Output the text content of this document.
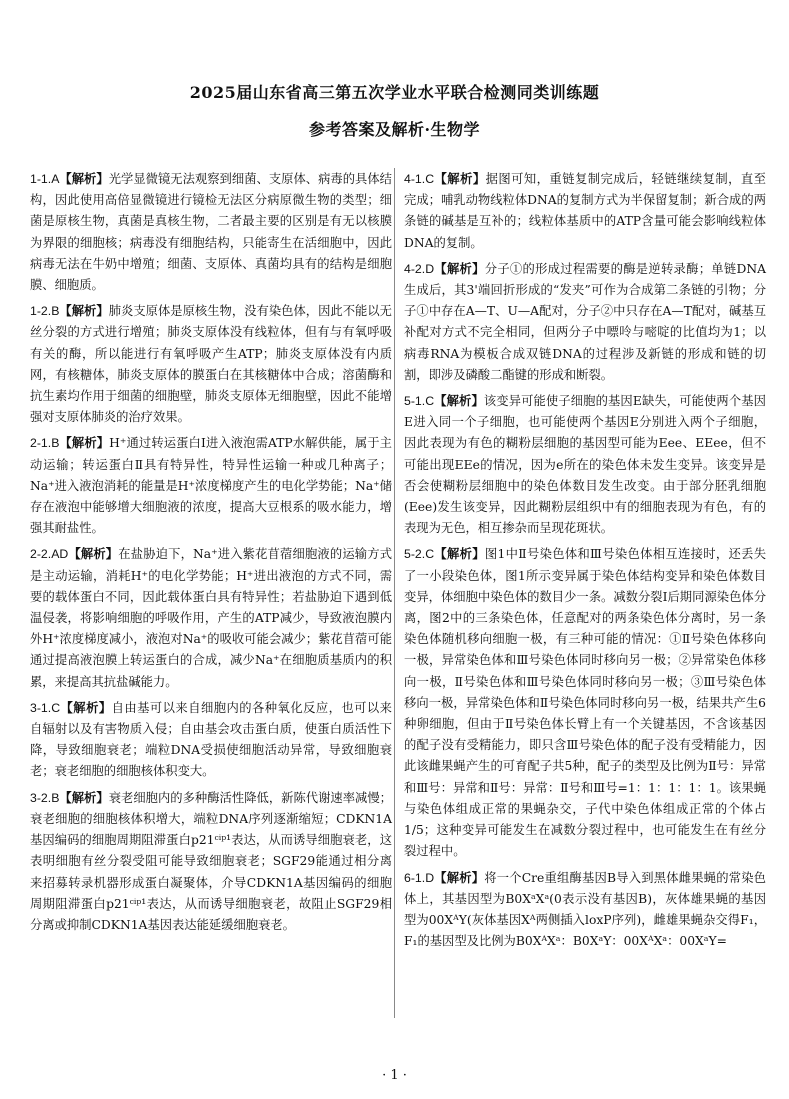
2025届山东省高三第五次学业水平联合检测同类训练题
参考答案及解析·生物学

1-1.A【解析】光学显微镜无法观察到细菌、支原体、病毒的具体结构，因此使用高倍显微镜进行镜检无法区分病原微生物的类型；细菌是原核生物，真菌是真核生物，二者最主要的区别是有无以核膜为界限的细胞核；病毒没有细胞结构，只能寄生在活细胞中，因此病毒无法在牛奶中增殖；细菌、支原体、真菌均具有的结构是细胞膜、细胞质。

1-2.B【解析】肺炎支原体是原核生物，没有染色体，因此不能以无丝分裂的方式进行增殖；肺炎支原体没有线粒体，但有与有氧呼吸有关的酶，所以能进行有氧呼吸产生ATP；肺炎支原体没有内质网，有核糖体，肺炎支原体的膜蛋白在其核糖体中合成；溶菌酶和抗生素均作用于细菌的细胞壁，肺炎支原体无细胞壁，因此不能增强对支原体肺炎的治疗效果。

2-1.B【解析】H⁺通过转运蛋白Ⅰ进入液泡需ATP水解供能，属于主动运输；转运蛋白Ⅱ具有特异性，特异性运输一种或几种离子；Na⁺进入液泡消耗的能量是H⁺浓度梯度产生的电化学势能；Na⁺储存在液泡中能够增大细胞液的浓度，提高大豆根系的吸水能力，增强其耐盐性。

2-2.AD【解析】在盐胁迫下，Na⁺进入紫花苜蓿细胞液的运输方式是主动运输，消耗H⁺的电化学势能；H⁺进出液泡的方式不同，需要的载体蛋白不同，因此载体蛋白具有特异性；若盐胁迫下遇到低温侵袭，将影响细胞的呼吸作用，产生的ATP减少，导致液泡膜内外H⁺浓度梯度减小，液泡对Na⁺的吸收可能会减少；紫花苜蓿可能通过提高液泡膜上转运蛋白的合成，减少Na⁺在细胞质基质内的积累，来提高其抗盐碱能力。

3-1.C【解析】自由基可以来自细胞内的各种氧化反应，也可以来自辐射以及有害物质入侵；自由基会攻击蛋白质，使蛋白质活性下降，导致细胞衰老；端粒DNA受损使细胞活动异常，导致细胞衰老；衰老细胞的细胞核体积变大。

3-2.B【解析】衰老细胞内的多种酶活性降低，新陈代谢速率减慢；衰老细胞的细胞核体积增大，端粒DNA序列逐渐缩短；CDKN1A基因编码的细胞周期阻滞蛋白p21ᶜⁱᵖ¹表达，从而诱导细胞衰老，这表明细胞有丝分裂受阻可能导致细胞衰老；SGF29能通过相分离来招募转录机器形成蛋白凝聚体，介导CDKN1A基因编码的细胞周期阻滞蛋白p21ᶜⁱᵖ¹表达，从而诱导细胞衰老，故阻止SGF29相分离或抑制CDKN1A基因表达能延缓细胞衰老。

4-1.C【解析】据图可知，重链复制完成后，轻链继续复制，直至完成；哺乳动物线粒体DNA的复制方式为半保留复制；新合成的两条链的碱基是互补的；线粒体基质中的ATP含量可能会影响线粒体DNA的复制。

4-2.D【解析】分子①的形成过程需要的酶是逆转录酶；单链DNA生成后，其3'端回折形成的“发夹”可作为合成第二条链的引物；分子①中存在A—T、U—A配对，分子②中只存在A—T配对，碱基互补配对方式不完全相同，但两分子中嘌呤与嘧啶的比值均为1；以病毒RNA为模板合成双链DNA的过程涉及新链的形成和链的切割，即涉及磷酸二酯键的形成和断裂。

5-1.C【解析】该变异可能使子细胞的基因E缺失，可能使两个基因E进入同一个子细胞，也可能使两个基因E分别进入两个子细胞，因此表现为有色的糊粉层细胞的基因型可能为Eee、EEee，但不可能出现EEe的情况，因为e所在的染色体未发生变异。该变异是否会使糊粉层细胞中的染色体数目发生改变。由于部分胚乳细胞(Eee)发生该变异，因此糊粉层组织中有的细胞表现为有色，有的表现为无色，相互掺杂而呈现花斑状。

5-2.C【解析】图1中Ⅱ号染色体和Ⅲ号染色体相互连接时，还丢失了一小段染色体，图1所示变异属于染色体结构变异和染色体数目变异，体细胞中染色体的数目少一条。减数分裂Ⅰ后期同源染色体分离，图2中的三条染色体，任意配对的两条染色体分离时，另一条染色体随机移向细胞一极，有三种可能的情况：①Ⅱ号染色体移向一极，异常染色体和Ⅲ号染色体同时移向另一极；②异常染色体移向一极，Ⅱ号染色体和Ⅲ号染色体同时移向另一极；③Ⅲ号染色体移向一极，异常染色体和Ⅱ号染色体同时移向另一极，结果共产生6种卵细胞，但由于Ⅱ号染色体长臂上有一个关键基因，不含该基因的配子没有受精能力，即只含Ⅲ号染色体的配子没有受精能力，因此该雌果蝇产生的可育配子共5种，配子的类型及比例为Ⅱ号：异常和Ⅲ号：异常和Ⅱ号：异常：Ⅱ号和Ⅲ号=1：1：1：1：1。该果蝇与染色体组成正常的果蝇杂交，子代中染色体组成正常的个体占1/5；这种变异可能发生在减数分裂过程中，也可能发生在有丝分裂过程中。

6-1.D【解析】将一个Cre重组酶基因B导入到黑体雌果蝇的常染色体上，其基因型为B0XᵃXᵃ(0表示没有基因B)，灰体雄果蝇的基因型为00XᴬY(灰体基因Xᴬ两侧插入loxP序列)，雌雄果蝇杂交得F₁，F₁的基因型及比例为B0XᴬXᵃ：B0XᵃY：00XᴬXᵃ：00XᵃY=

· 1 ·
